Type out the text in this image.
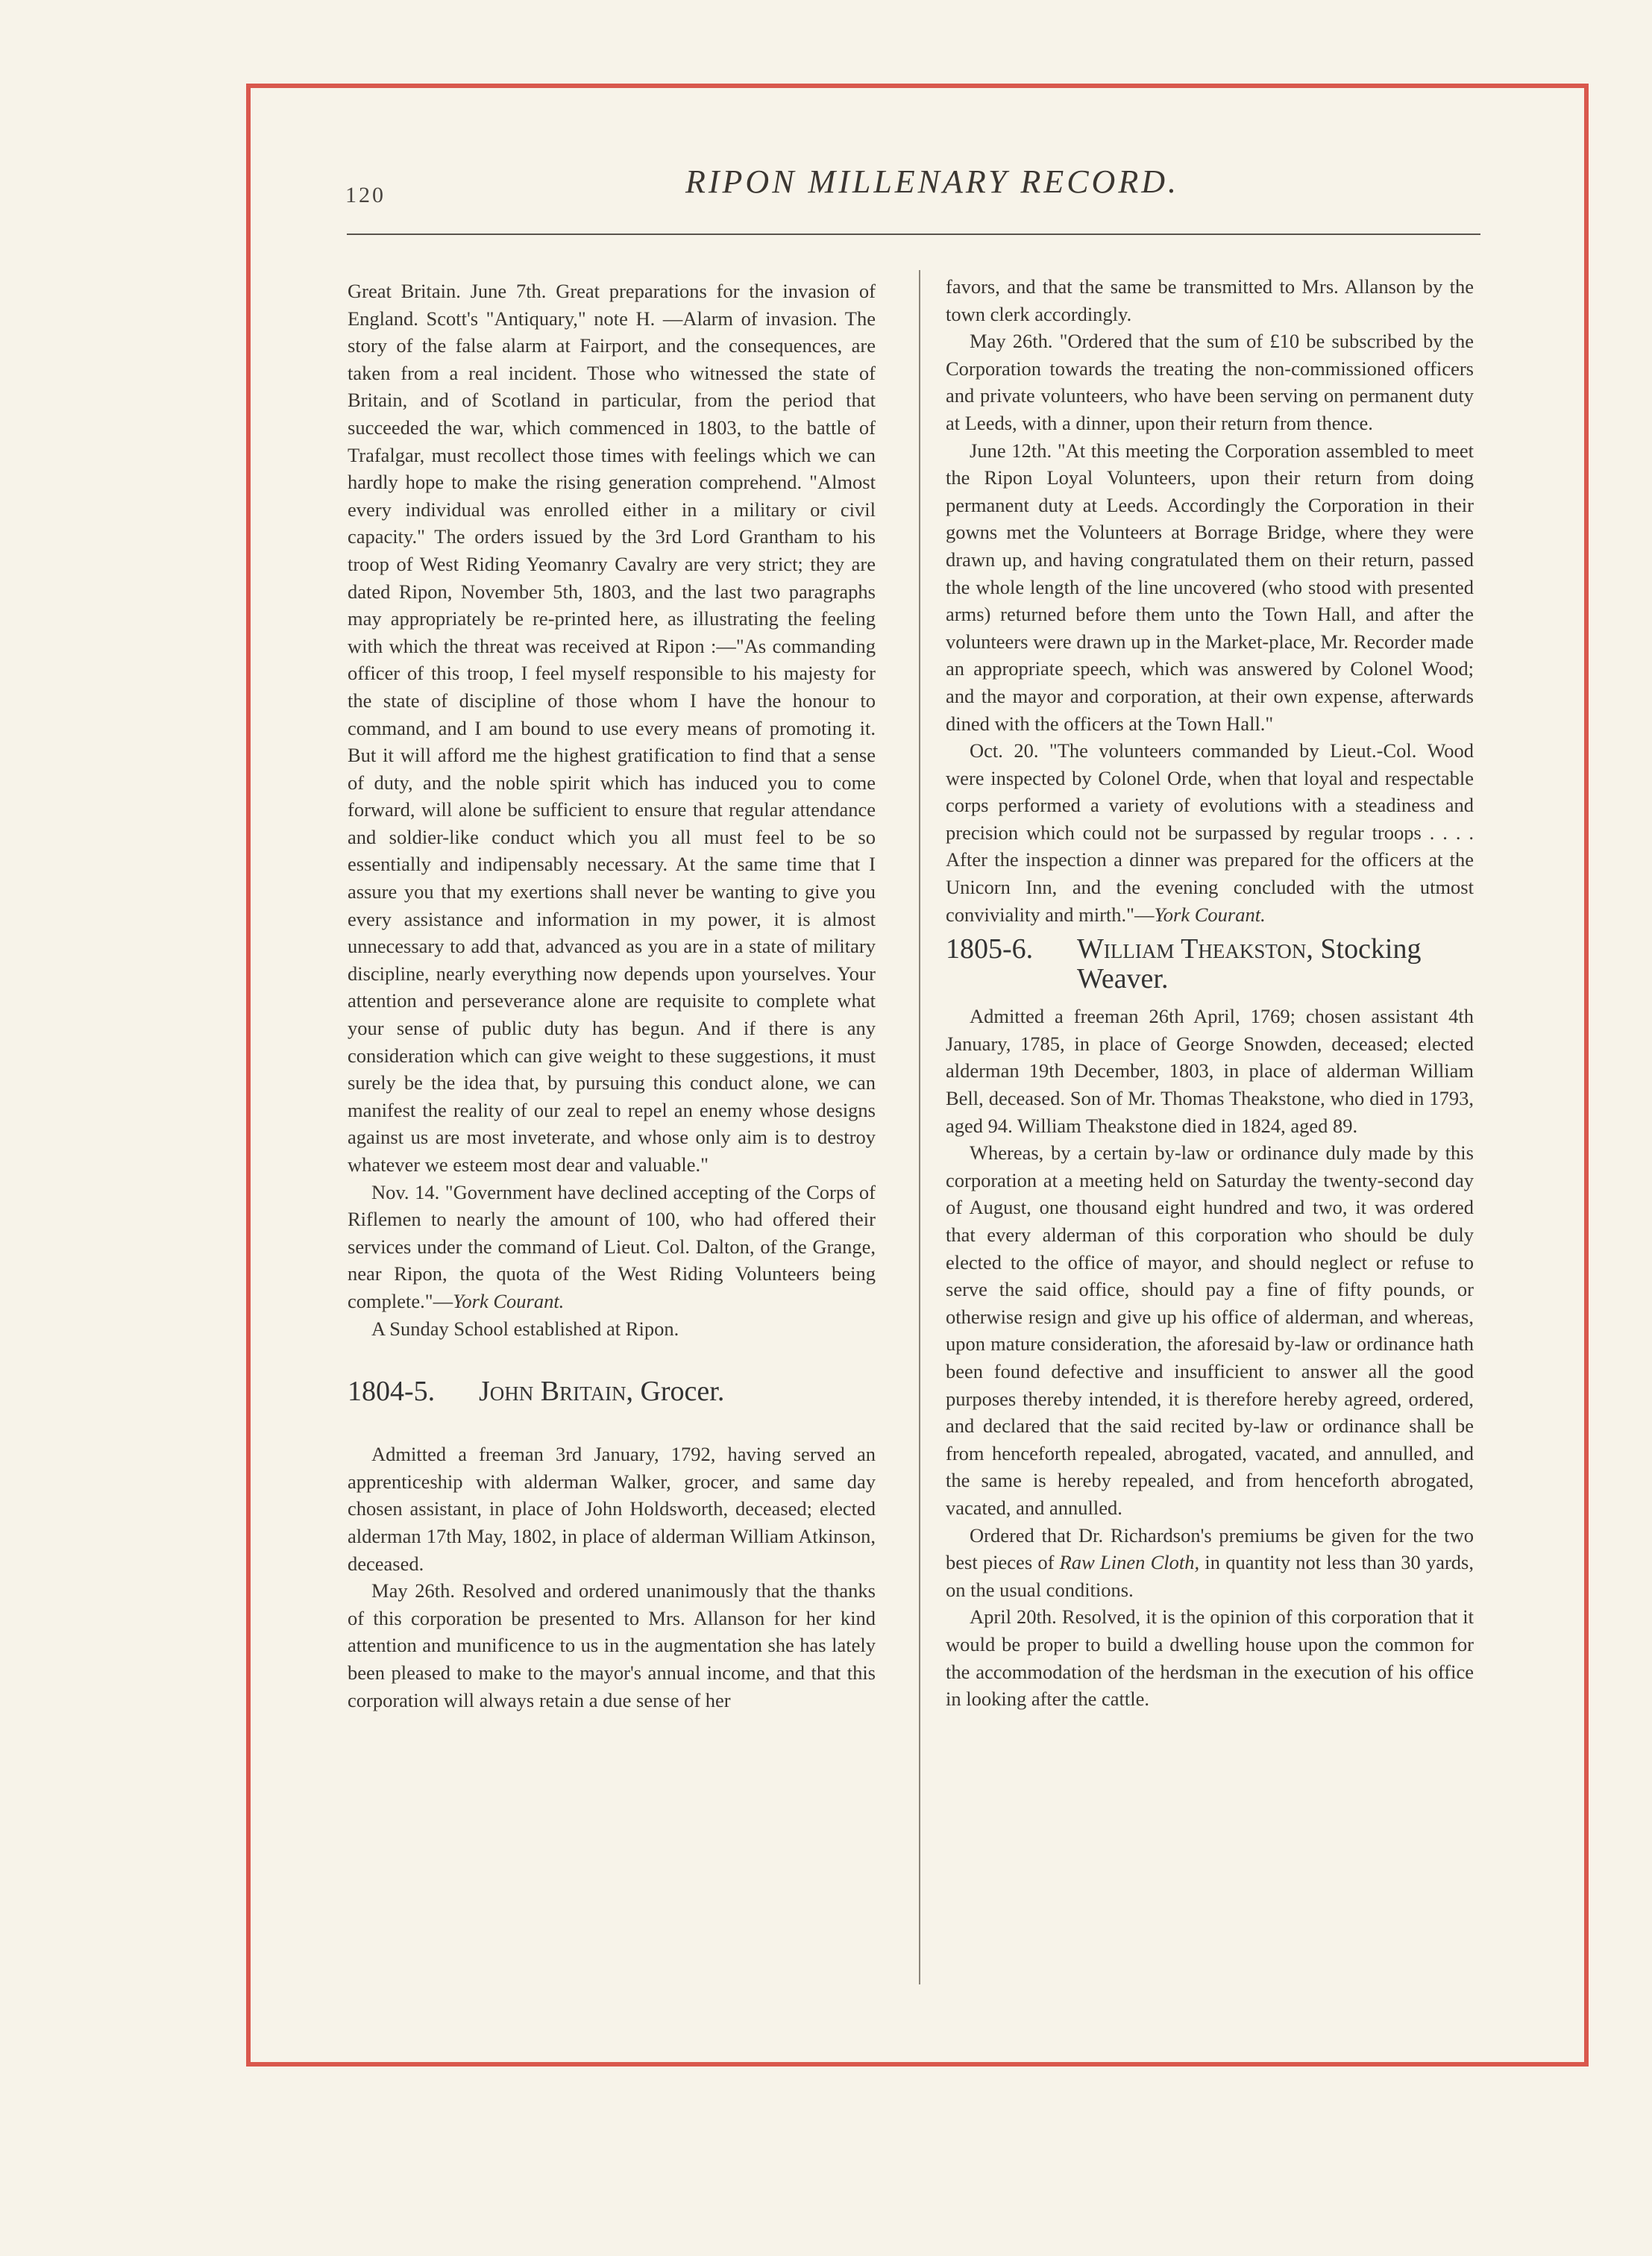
120	RIPON MILLENARY RECORD.

Great Britain. June 7th. Great preparations for the invasion of England. Scott's "Antiquary," note H. —Alarm of invasion. The story of the false alarm at Fairport, and the consequences, are taken from a real incident. Those who witnessed the state of Britain, and of Scotland in particular, from the period that succeeded the war, which commenced in 1803, to the battle of Trafalgar, must recollect those times with feelings which we can hardly hope to make the rising generation comprehend. "Almost every individual was enrolled either in a military or civil capacity." The orders issued by the 3rd Lord Grantham to his troop of West Riding Yeomanry Cavalry are very strict; they are dated Ripon, November 5th, 1803, and the last two paragraphs may appropriately be re-printed here, as illustrating the feeling with which the threat was received at Ripon :—"As commanding officer of this troop, I feel myself responsible to his majesty for the state of discipline of those whom I have the honour to command, and I am bound to use every means of promoting it. But it will afford me the highest gratification to find that a sense of duty, and the noble spirit which has induced you to come forward, will alone be sufficient to ensure that regular attendance and soldier-like conduct which you all must feel to be so essentially and indipensably necessary. At the same time that I assure you that my exertions shall never be wanting to give you every assistance and information in my power, it is almost unnecessary to add that, advanced as you are in a state of military discipline, nearly everything now depends upon yourselves. Your attention and perseverance alone are requisite to complete what your sense of public duty has begun. And if there is any consideration which can give weight to these suggestions, it must surely be the idea that, by pursuing this conduct alone, we can manifest the reality of our zeal to repel an enemy whose designs against us are most inveterate, and whose only aim is to destroy whatever we esteem most dear and valuable."

Nov. 14. "Government have declined accepting of the Corps of Riflemen to nearly the amount of 100, who had offered their services under the command of Lieut. Col. Dalton, of the Grange, near Ripon, the quota of the West Riding Volunteers being complete."—York Courant.

A Sunday School established at Ripon.

1804-5.	John Britain, Grocer.

Admitted a freeman 3rd January, 1792, having served an apprenticeship with alderman Walker, grocer, and same day chosen assistant, in place of John Holdsworth, deceased; elected alderman 17th May, 1802, in place of alderman William Atkinson, deceased.

May 26th. Resolved and ordered unanimously that the thanks of this corporation be presented to Mrs. Allanson for her kind attention and munificence to us in the augmentation she has lately been pleased to make to the mayor's annual income, and that this corporation will always retain a due sense of her

favors, and that the same be transmitted to Mrs. Allanson by the town clerk accordingly.

May 26th. "Ordered that the sum of £10 be subscribed by the Corporation towards the treating the non-commissioned officers and private volunteers, who have been serving on permanent duty at Leeds, with a dinner, upon their return from thence.

June 12th. "At this meeting the Corporation assembled to meet the Ripon Loyal Volunteers, upon their return from doing permanent duty at Leeds. Accordingly the Corporation in their gowns met the Volunteers at Borrage Bridge, where they were drawn up, and having congratulated them on their return, passed the whole length of the line uncovered (who stood with presented arms) returned before them unto the Town Hall, and after the volunteers were drawn up in the Market-place, Mr. Recorder made an appropriate speech, which was answered by Colonel Wood; and the mayor and corporation, at their own expense, afterwards dined with the officers at the Town Hall."

Oct. 20. "The volunteers commanded by Lieut.-Col. Wood were inspected by Colonel Orde, when that loyal and respectable corps performed a variety of evolutions with a steadiness and precision which could not be surpassed by regular troops . . . . After the inspection a dinner was prepared for the officers at the Unicorn Inn, and the evening concluded with the utmost conviviality and mirth."—York Courant.

1805-6.	William Theakston, Stocking
Weaver.

Admitted a freeman 26th April, 1769; chosen assistant 4th January, 1785, in place of George Snowden, deceased; elected alderman 19th December, 1803, in place of alderman William Bell, deceased. Son of Mr. Thomas Theakstone, who died in 1793, aged 94. William Theakstone died in 1824, aged 89.

Whereas, by a certain by-law or ordinance duly made by this corporation at a meeting held on Saturday the twenty-second day of August, one thousand eight hundred and two, it was ordered that every alderman of this corporation who should be duly elected to the office of mayor, and should neglect or refuse to serve the said office, should pay a fine of fifty pounds, or otherwise resign and give up his office of alderman, and whereas, upon mature consideration, the aforesaid by-law or ordinance hath been found defective and insufficient to answer all the good purposes thereby intended, it is therefore hereby agreed, ordered, and declared that the said recited by-law or ordinance shall be from henceforth repealed, abrogated, vacated, and annulled, and the same is hereby repealed, and from henceforth abrogated, vacated, and annulled.

Ordered that Dr. Richardson's premiums be given for the two best pieces of Raw Linen Cloth, in quantity not less than 30 yards, on the usual conditions.

April 20th. Resolved, it is the opinion of this corporation that it would be proper to build a dwelling house upon the common for the accommodation of the herdsman in the execution of his office in looking after the cattle.
